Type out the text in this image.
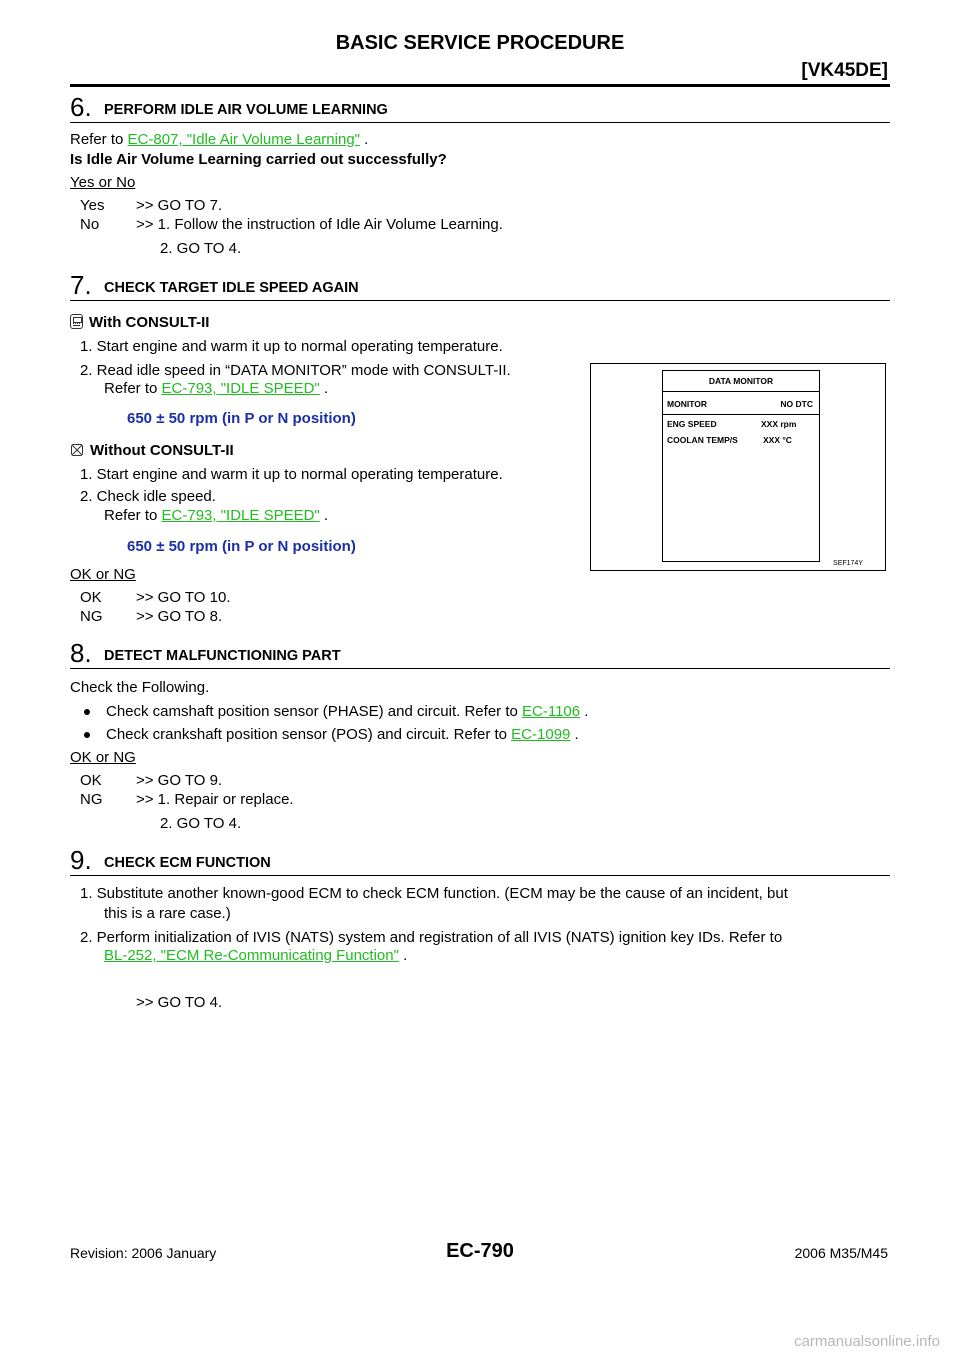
BASIC SERVICE PROCEDURE
[VK45DE]
6. PERFORM IDLE AIR VOLUME LEARNING
Refer to EC-807, "Idle Air Volume Learning" .
Is Idle Air Volume Learning carried out successfully?
Yes or No
Yes >> GO TO 7.
No >> 1. Follow the instruction of Idle Air Volume Learning.
2. GO TO 4.
7. CHECK TARGET IDLE SPEED AGAIN
With CONSULT-II
1. Start engine and warm it up to normal operating temperature.
2. Read idle speed in “DATA MONITOR” mode with CONSULT-II.
Refer to EC-793, "IDLE SPEED" .
650 ± 50 rpm (in P or N position)
Without CONSULT-II
1. Start engine and warm it up to normal operating temperature.
2. Check idle speed.
Refer to EC-793, "IDLE SPEED" .
650 ± 50 rpm (in P or N position)
OK or NG
OK >> GO TO 10.
NG >> GO TO 8.
DATA MONITOR
MONITOR	NO DTC
ENG SPEED	XXX rpm
COOLAN TEMP/S	XXX °C
SEF174Y
8. DETECT MALFUNCTIONING PART
Check the Following.
Check camshaft position sensor (PHASE) and circuit. Refer to EC-1106 .
Check crankshaft position sensor (POS) and circuit. Refer to EC-1099 .
OK or NG
OK >> GO TO 9.
NG >> 1. Repair or replace.
2. GO TO 4.
9. CHECK ECM FUNCTION
1. Substitute another known-good ECM to check ECM function. (ECM may be the cause of an incident, but
this is a rare case.)
2. Perform initialization of IVIS (NATS) system and registration of all IVIS (NATS) ignition key IDs. Refer to
BL-252, "ECM Re-Communicating Function" .
>> GO TO 4.
Revision: 2006 January	EC-790	2006 M35/M45
carmanualsonline.info
